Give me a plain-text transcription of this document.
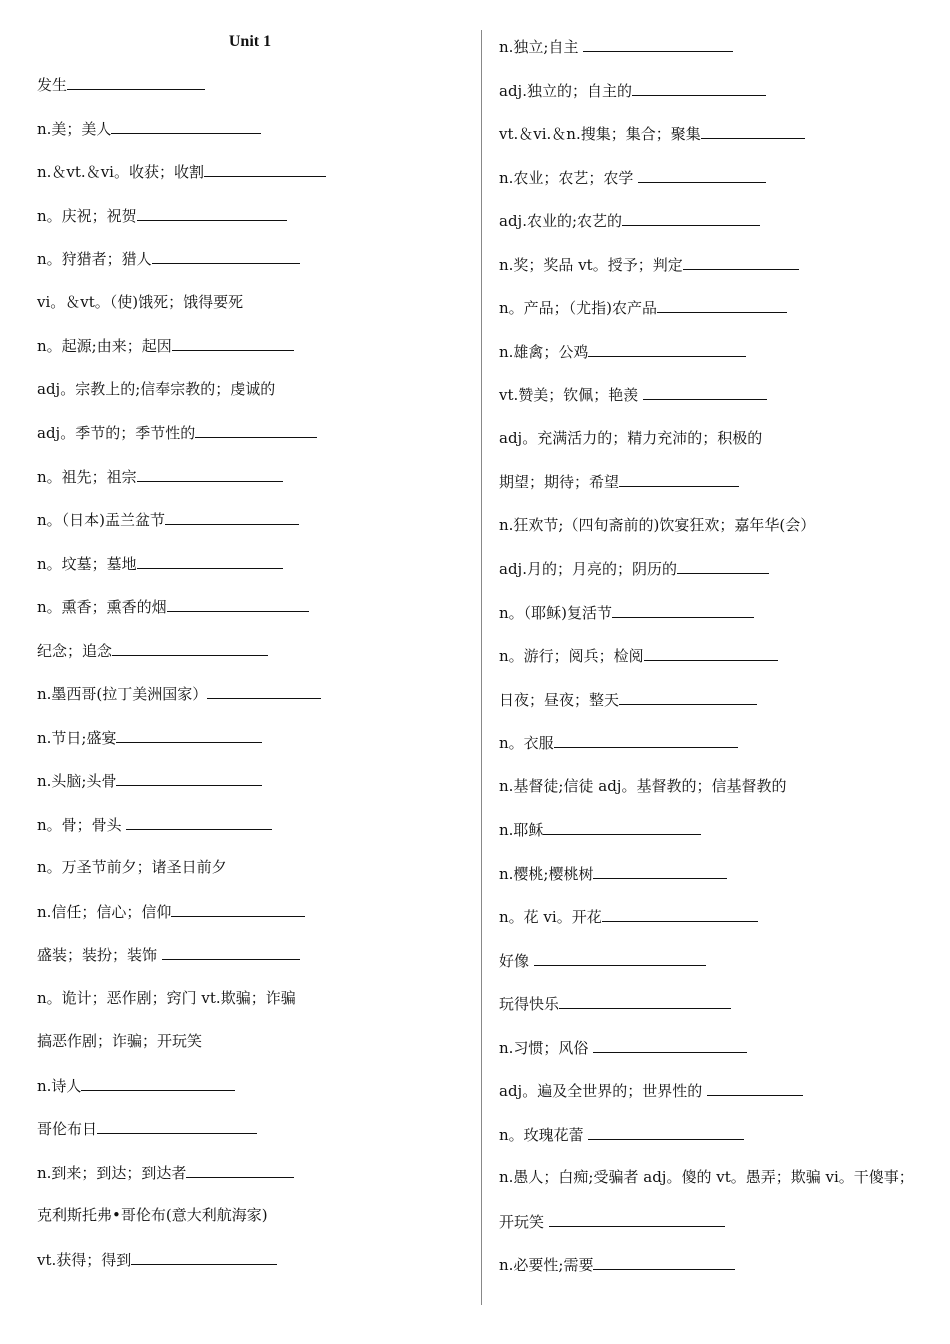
Unit 1
发生
n.美；美人
n.＆vt.＆vi。收获；收割
n。庆祝；祝贺
n。狩猎者；猎人
vi。＆vt。（使)饿死；饿得要死
n。起源;由来；起因
adj。宗教上的;信奉宗教的；虔诚的
adj。季节的；季节性的
n。祖先；祖宗
n。（日本)盂兰盆节
n。坟墓；墓地
n。熏香；熏香的烟
纪念；追念
n.墨西哥(拉丁美洲国家）
n.节日;盛宴
n.头脑;头骨
n。骨；骨头
n。万圣节前夕；诸圣日前夕
n.信任；信心；信仰
盛装；装扮；装饰
n。诡计；恶作剧；窍门 vt.欺骗；诈骗
搞恶作剧；诈骗；开玩笑
n.诗人
哥伦布日
n.到来；到达；到达者
克利斯托弗•哥伦布(意大利航海家)
vt.获得；得到
n.独立;自主
adj.独立的；自主的
vt.＆vi.＆n.搜集；集合；聚集
n.农业；农艺；农学
adj.农业的;农艺的
n.奖；奖品 vt。授予；判定
n。产品；（尤指)农产品
n.雄禽；公鸡
vt.赞美；钦佩；艳羡
adj。充满活力的；精力充沛的；积极的
期望；期待；希望
n.狂欢节;（四旬斋前的)饮宴狂欢；嘉年华(会）
adj.月的；月亮的；阴历的
n。（耶稣)复活节
n。游行；阅兵；检阅
日夜；昼夜；整天
n。衣服
n.基督徒;信徒 adj。基督教的；信基督教的
n.耶稣
n.樱桃;樱桃树
n。花 vi。开花
好像
玩得快乐
n.习惯；风俗
adj。遍及全世界的；世界性的
n。玫瑰花蕾
n.愚人；白痴;受骗者 adj。傻的 vt。愚弄；欺骗 vi。干傻事；
开玩笑
n.必要性;需要
